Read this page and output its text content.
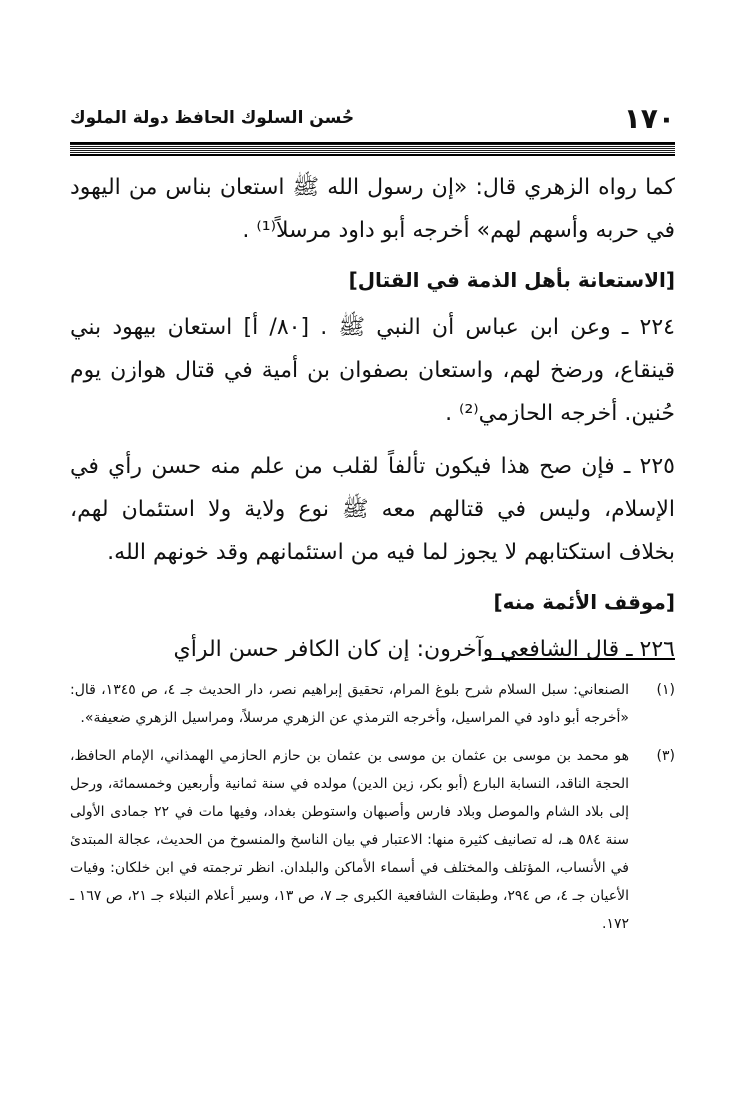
١٧٠
حُسن السلوك الحافظ دولة الملوك

كما رواه الزهري قال: «إن رسول الله ﷺ استعان بناس من اليهود في حربه وأسهم لهم» أخرجه أبو داود مرسلاً⁽¹⁾ .

[الاستعانة بأهل الذمة في القتال]

٢٢٤ ـ وعن ابن عباس أن النبي ﷺ . [٨٠/ أ] استعان بيهود بني قينقاع، ورضخ لهم، واستعان بصفوان بن أمية في قتال هوازن يوم حُنين. أخرجه الحازمي⁽²⁾ .

٢٢٥ ـ فإن صح هذا فيكون تألفاً لقلب من علم منه حسن رأي في الإسلام، وليس في قتالهم معه ﷺ نوع ولاية ولا استئمان لهم، بخلاف استكتابهم لا يجوز لما فيه من استئمانهم وقد خونهم الله.

[موقف الأئمة منه]

٢٢٦ ـ قال الشافعي وآخرون: إن كان الكافر حسن الرأي

(١)
الصنعاني: سبل السلام شرح بلوغ المرام، تحقيق إبراهيم نصر، دار الحديث جـ ٤، ص ١٣٤٥، قال: «أخرجه أبو داود في المراسيل، وأخرجه الترمذي عن الزهري مرسلاً، ومراسيل الزهري ضعيفة».
(٣)
هو محمد بن موسى بن عثمان بن موسى بن عثمان بن حازم الحازمي الهمذاني، الإمام الحافظ، الحجة الناقد، النسابة البارع (أبو بكر، زين الدين) مولده في سنة ثمانية وأربعين وخمسمائة، ورحل إلى بلاد الشام والموصل وبلاد فارس وأصبهان واستوطن بغداد، وفيها مات في ٢٢ جمادى الأولى سنة ٥٨٤ هـ، له تصانيف كثيرة منها: الاعتبار في بيان الناسخ والمنسوخ من الحديث، عجالة المبتدئ في الأنساب، المؤتلف والمختلف في أسماء الأماكن والبلدان. انظر ترجمته في ابن خلكان: وفيات الأعيان جـ ٤، ص ٢٩٤، وطبقات الشافعية الكبرى جـ ٧، ص ١٣، وسير أعلام النبلاء جـ ٢١، ص ١٦٧ ـ ١٧٢.
